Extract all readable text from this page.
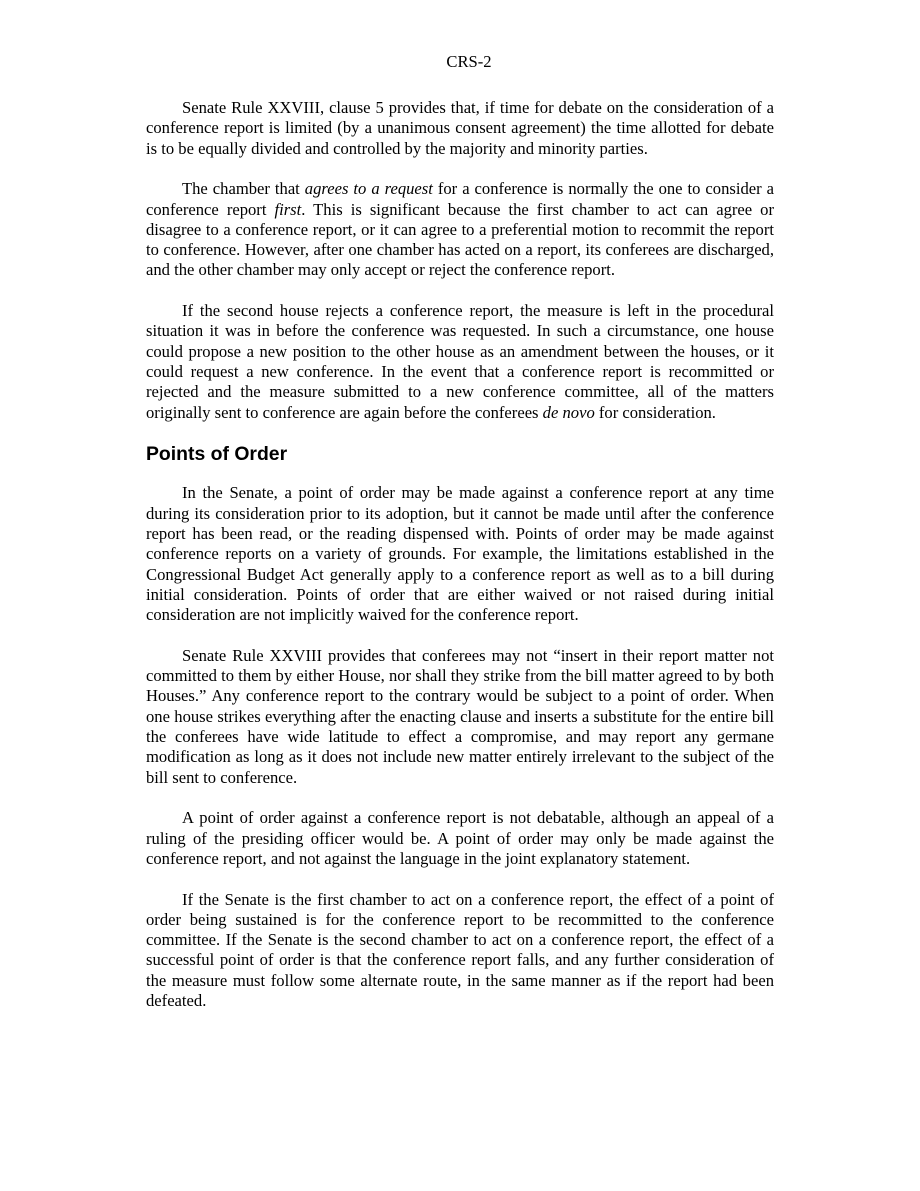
CRS-2

Senate Rule XXVIII, clause 5 provides that, if time for debate on the consideration of a conference report is limited (by a unanimous consent agreement) the time allotted for debate is to be equally divided and controlled by the majority and minority parties.

The chamber that agrees to a request for a conference is normally the one to consider a conference report first. This is significant because the first chamber to act can agree or disagree to a conference report, or it can agree to a preferential motion to recommit the report to conference. However, after one chamber has acted on a report, its conferees are discharged, and the other chamber may only accept or reject the conference report.

If the second house rejects a conference report, the measure is left in the procedural situation it was in before the conference was requested. In such a circumstance, one house could propose a new position to the other house as an amendment between the houses, or it could request a new conference. In the event that a conference report is recommitted or rejected and the measure submitted to a new conference committee, all of the matters originally sent to conference are again before the conferees de novo for consideration.

Points of Order

In the Senate, a point of order may be made against a conference report at any time during its consideration prior to its adoption, but it cannot be made until after the conference report has been read, or the reading dispensed with. Points of order may be made against conference reports on a variety of grounds. For example, the limitations established in the Congressional Budget Act generally apply to a conference report as well as to a bill during initial consideration. Points of order that are either waived or not raised during initial consideration are not implicitly waived for the conference report.

Senate Rule XXVIII provides that conferees may not “insert in their report matter not committed to them by either House, nor shall they strike from the bill matter agreed to by both Houses.” Any conference report to the contrary would be subject to a point of order. When one house strikes everything after the enacting clause and inserts a substitute for the entire bill the conferees have wide latitude to effect a compromise, and may report any germane modification as long as it does not include new matter entirely irrelevant to the subject of the bill sent to conference.

A point of order against a conference report is not debatable, although an appeal of a ruling of the presiding officer would be. A point of order may only be made against the conference report, and not against the language in the joint explanatory statement.

If the Senate is the first chamber to act on a conference report, the effect of a point of order being sustained is for the conference report to be recommitted to the conference committee. If the Senate is the second chamber to act on a conference report, the effect of a successful point of order is that the conference report falls, and any further consideration of the measure must follow some alternate route, in the same manner as if the report had been defeated.
